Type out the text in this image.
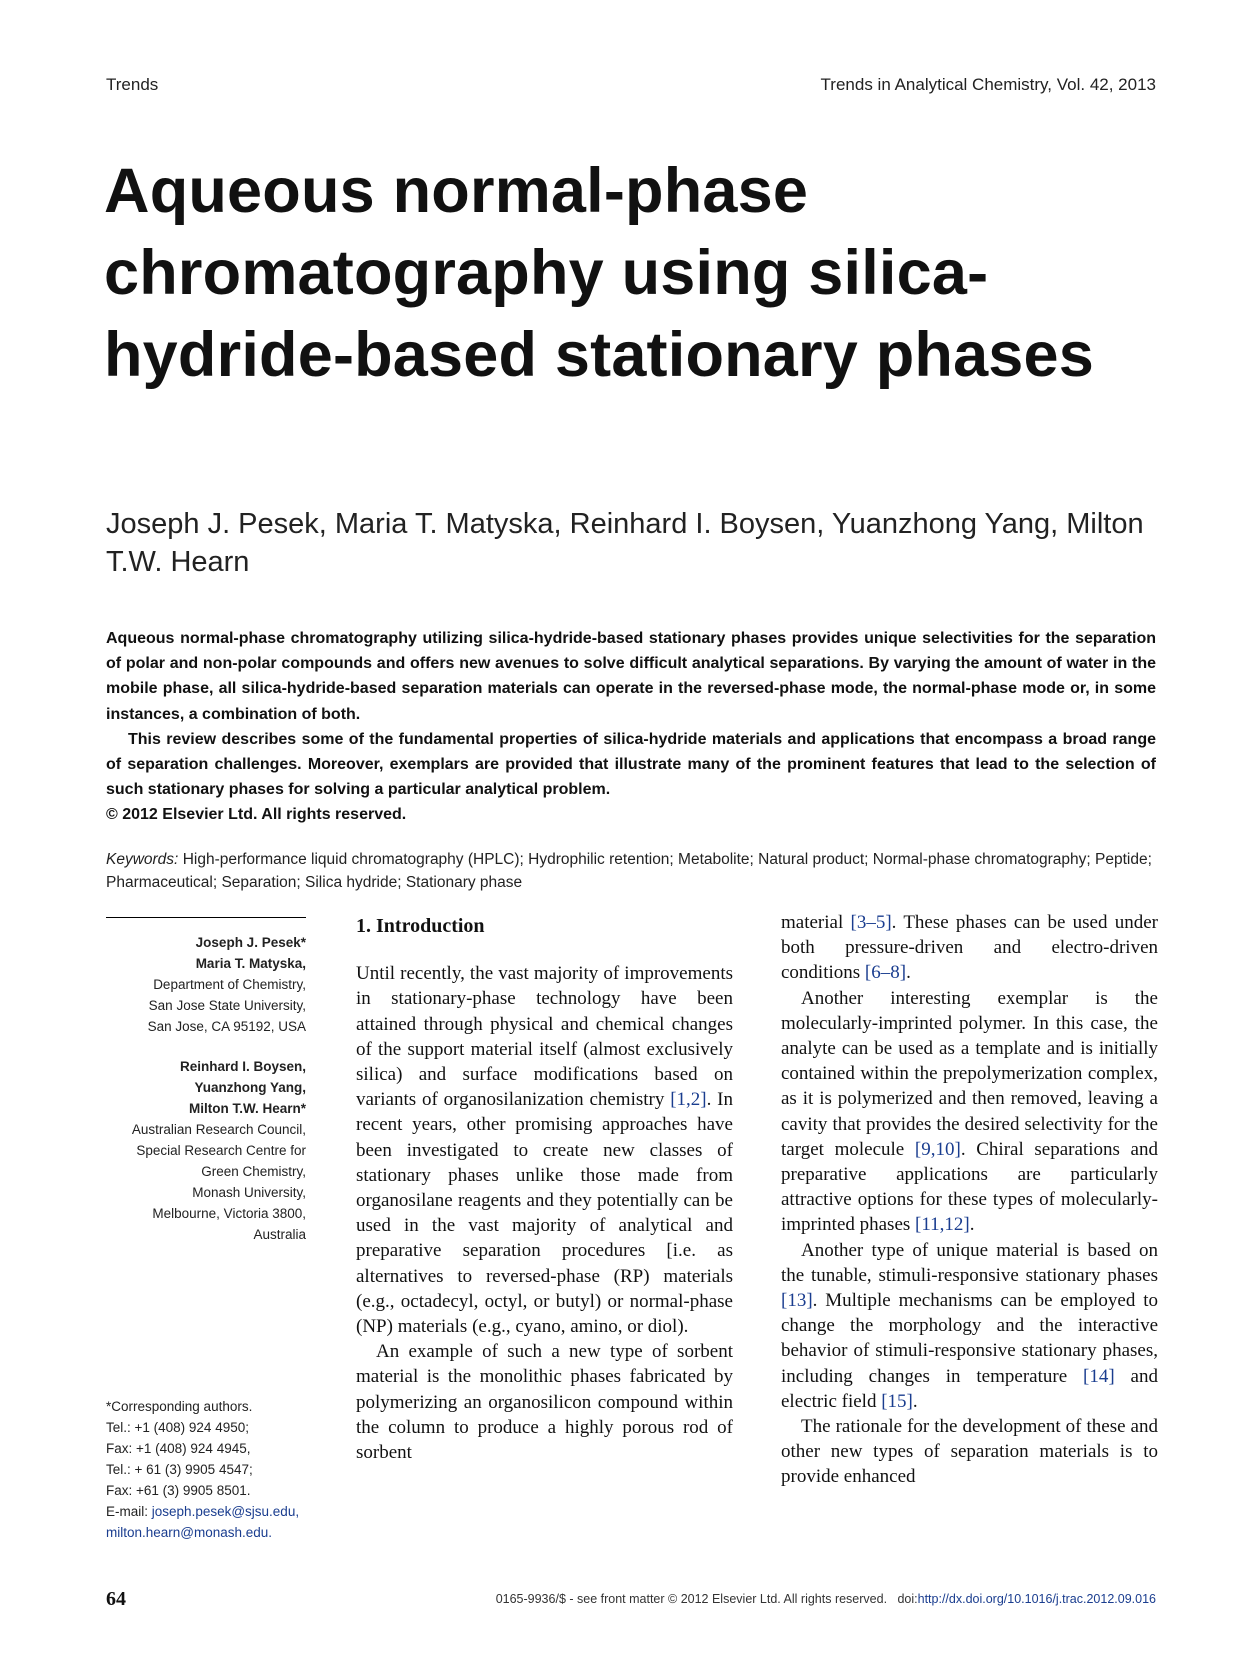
Trends	Trends in Analytical Chemistry, Vol. 42, 2013
Aqueous normal-phase chromatography using silica-hydride-based stationary phases
Joseph J. Pesek, Maria T. Matyska, Reinhard I. Boysen, Yuanzhong Yang, Milton T.W. Hearn

Aqueous normal-phase chromatography utilizing silica-hydride-based stationary phases provides unique selectivities for the separation of polar and non-polar compounds and offers new avenues to solve difficult analytical separations. By varying the amount of water in the mobile phase, all silica-hydride-based separation materials can operate in the reversed-phase mode, the normal-phase mode or, in some instances, a combination of both.

This review describes some of the fundamental properties of silica-hydride materials and applications that encompass a broad range of separation challenges. Moreover, exemplars are provided that illustrate many of the prominent features that lead to the selection of such stationary phases for solving a particular analytical problem.

© 2012 Elsevier Ltd. All rights reserved.

Keywords: High-performance liquid chromatography (HPLC); Hydrophilic retention; Metabolite; Natural product; Normal-phase chromatography; Peptide; Pharmaceutical; Separation; Silica hydride; Stationary phase
Joseph J. Pesek*
Maria T. Matyska,
Department of Chemistry,
San Jose State University,
San Jose, CA 95192, USA
Reinhard I. Boysen,
Yuanzhong Yang,
Milton T.W. Hearn*
Australian Research Council,
Special Research Centre for
Green Chemistry,
Monash University,
Melbourne, Victoria 3800,
Australia
*Corresponding authors.
Tel.: +1 (408) 924 4950;
Fax: +1 (408) 924 4945,
Tel.: + 61 (3) 9905 4547;
Fax: +61 (3) 9905 8501.
E-mail: joseph.pesek@sjsu.edu,
milton.hearn@monash.edu.
1. Introduction

Until recently, the vast majority of improvements in stationary-phase technology have been attained through physical and chemical changes of the support material itself (almost exclusively silica) and surface modifications based on variants of organosilanization chemistry [1,2]. In recent years, other promising approaches have been investigated to create new classes of stationary phases unlike those made from organosilane reagents and they potentially can be used in the vast majority of analytical and preparative separation procedures [i.e. as alternatives to reversed-phase (RP) materials (e.g., octadecyl, octyl, or butyl) or normal-phase (NP) materials (e.g., cyano, amino, or diol).

An example of such a new type of sorbent material is the monolithic phases fabricated by polymerizing an organosilicon compound within the column to produce a highly porous rod of sorbent

material [3–5]. These phases can be used under both pressure-driven and electro-driven conditions [6–8].

Another interesting exemplar is the molecularly-imprinted polymer. In this case, the analyte can be used as a template and is initially contained within the prepolymerization complex, as it is polymerized and then removed, leaving a cavity that provides the desired selectivity for the target molecule [9,10]. Chiral separations and preparative applications are particularly attractive options for these types of molecularly-imprinted phases [11,12].

Another type of unique material is based on the tunable, stimuli-responsive stationary phases [13]. Multiple mechanisms can be employed to change the morphology and the interactive behavior of stimuli-responsive stationary phases, including changes in temperature [14] and electric field [15].

The rationale for the development of these and other new types of separation materials is to provide enhanced

64	0165-9936/$ - see front matter © 2012 Elsevier Ltd. All rights reserved. doi:http://dx.doi.org/10.1016/j.trac.2012.09.016
